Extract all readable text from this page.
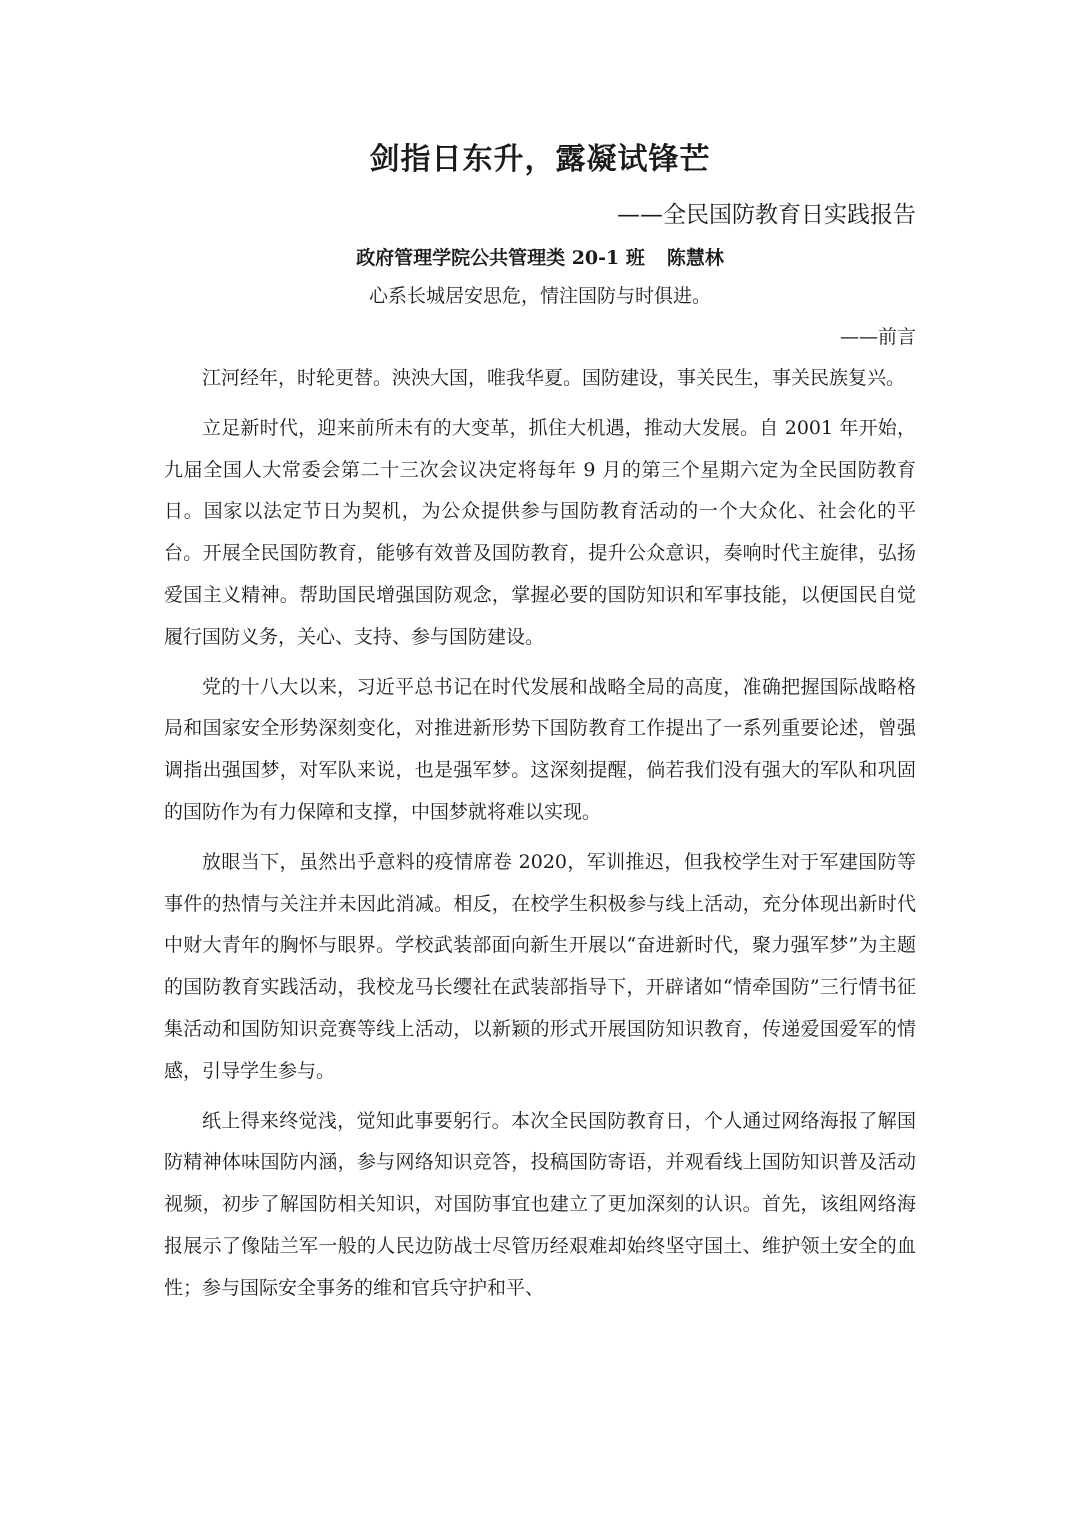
剑指日东升，露凝试锋芒
——全民国防教育日实践报告
政府管理学院公共管理类 20-1 班 陈慧林
心系长城居安思危，情注国防与时俱进。
——前言

江河经年，时轮更替。泱泱大国，唯我华夏。国防建设，事关民生，事关民族复兴。

立足新时代，迎来前所未有的大变革，抓住大机遇，推动大发展。自 2001 年开始，九届全国人大常委会第二十三次会议决定将每年 9 月的第三个星期六定为全民国防教育日。国家以法定节日为契机，为公众提供参与国防教育活动的一个大众化、社会化的平台。开展全民国防教育，能够有效普及国防教育，提升公众意识，奏响时代主旋律，弘扬爱国主义精神。帮助国民增强国防观念，掌握必要的国防知识和军事技能，以便国民自觉履行国防义务，关心、支持、参与国防建设。

党的十八大以来，习近平总书记在时代发展和战略全局的高度，准确把握国际战略格局和国家安全形势深刻变化，对推进新形势下国防教育工作提出了一系列重要论述，曾强调指出强国梦，对军队来说，也是强军梦。这深刻提醒，倘若我们没有强大的军队和巩固的国防作为有力保障和支撑，中国梦就将难以实现。

放眼当下，虽然出乎意料的疫情席卷 2020，军训推迟，但我校学生对于军建国防等事件的热情与关注并未因此消减。相反，在校学生积极参与线上活动，充分体现出新时代中财大青年的胸怀与眼界。学校武装部面向新生开展以“奋进新时代，聚力强军梦”为主题的国防教育实践活动，我校龙马长缨社在武装部指导下，开辟诸如“情牵国防”三行情书征集活动和国防知识竞赛等线上活动，以新颖的形式开展国防知识教育，传递爱国爱军的情感，引导学生参与。

纸上得来终觉浅，觉知此事要躬行。本次全民国防教育日，个人通过网络海报了解国防精神体味国防内涵，参与网络知识竞答，投稿国防寄语，并观看线上国防知识普及活动视频，初步了解国防相关知识，对国防事宜也建立了更加深刻的认识。首先，该组网络海报展示了像陆兰军一般的人民边防战士尽管历经艰难却始终坚守国土、维护领土安全的血性；参与国际安全事务的维和官兵守护和平、
